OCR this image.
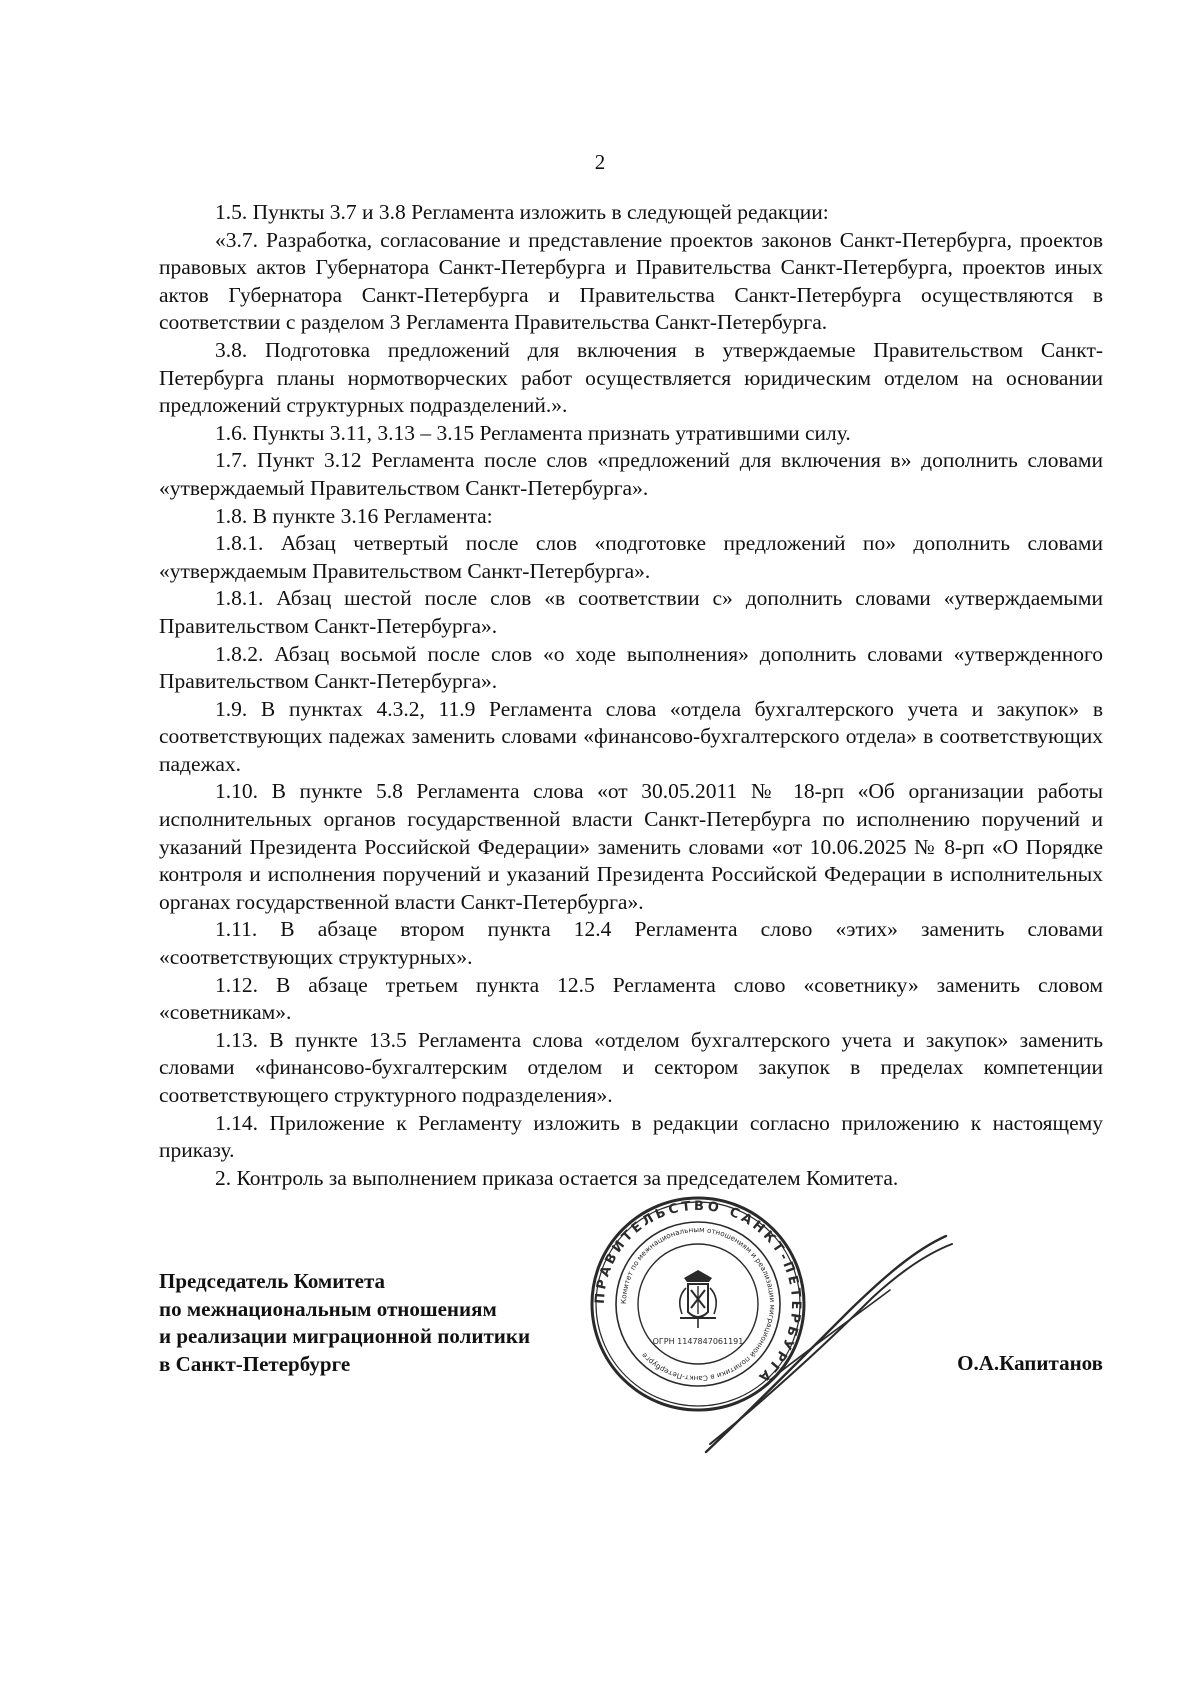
2

1.5. Пункты 3.7 и 3.8 Регламента изложить в следующей редакции:

«3.7. Разработка, согласование и представление проектов законов Санкт-Петербурга, проектов правовых актов Губернатора Санкт-Петербурга и Правительства Санкт-Петербурга, проектов иных актов Губернатора Санкт-Петербурга и Правительства Санкт-Петербурга осуществляются в соответствии с разделом 3 Регламента Правительства Санкт-Петербурга.

3.8. Подготовка предложений для включения в утверждаемые Правительством Санкт-Петербурга планы нормотворческих работ осуществляется юридическим отделом на основании предложений структурных подразделений.».

1.6. Пункты 3.11, 3.13 – 3.15 Регламента признать утратившими силу.

1.7. Пункт 3.12 Регламента после слов «предложений для включения в» дополнить словами «утверждаемый Правительством Санкт-Петербурга».

1.8. В пункте 3.16 Регламента:

1.8.1. Абзац четвертый после слов «подготовке предложений по» дополнить словами «утверждаемым Правительством Санкт-Петербурга».

1.8.1. Абзац шестой после слов «в соответствии с» дополнить словами «утверждаемыми Правительством Санкт-Петербурга».

1.8.2. Абзац восьмой после слов «о ходе выполнения» дополнить словами «утвержденного Правительством Санкт-Петербурга».

1.9. В пунктах 4.3.2, 11.9 Регламента слова «отдела бухгалтерского учета и закупок» в соответствующих падежах заменить словами «финансово-бухгалтерского отдела» в соответствующих падежах.

1.10. В пункте 5.8 Регламента слова «от 30.05.2011 № 18-рп «Об организации работы исполнительных органов государственной власти Санкт-Петербурга по исполнению поручений и указаний Президента Российской Федерации» заменить словами «от 10.06.2025 № 8-рп «О Порядке контроля и исполнения поручений и указаний Президента Российской Федерации в исполнительных органах государственной власти Санкт-Петербурга».

1.11. В абзаце втором пункта 12.4 Регламента слово «этих» заменить словами «соответствующих структурных».

1.12. В абзаце третьем пункта 12.5 Регламента слово «советнику» заменить словом «советникам».

1.13. В пункте 13.5 Регламента слова «отделом бухгалтерского учета и закупок» заменить словами «финансово-бухгалтерским отделом и сектором закупок в пределах компетенции соответствующего структурного подразделения».

1.14. Приложение к Регламенту изложить в редакции согласно приложению к настоящему приказу.

2. Контроль за выполнением приказа остается за председателем Комитета.

Председатель Комитета
по межнациональным отношениям
и реализации миграционной политики
в Санкт-Петербурге
ПРАВИТЕЛЬСТВО САНКТ-ПЕТЕРБУРГА
Комитет по межнациональным отношениям и реализации миграционной политики в Санкт-Петербурге
ОГРН 1147847061191
О.А.Капитанов
